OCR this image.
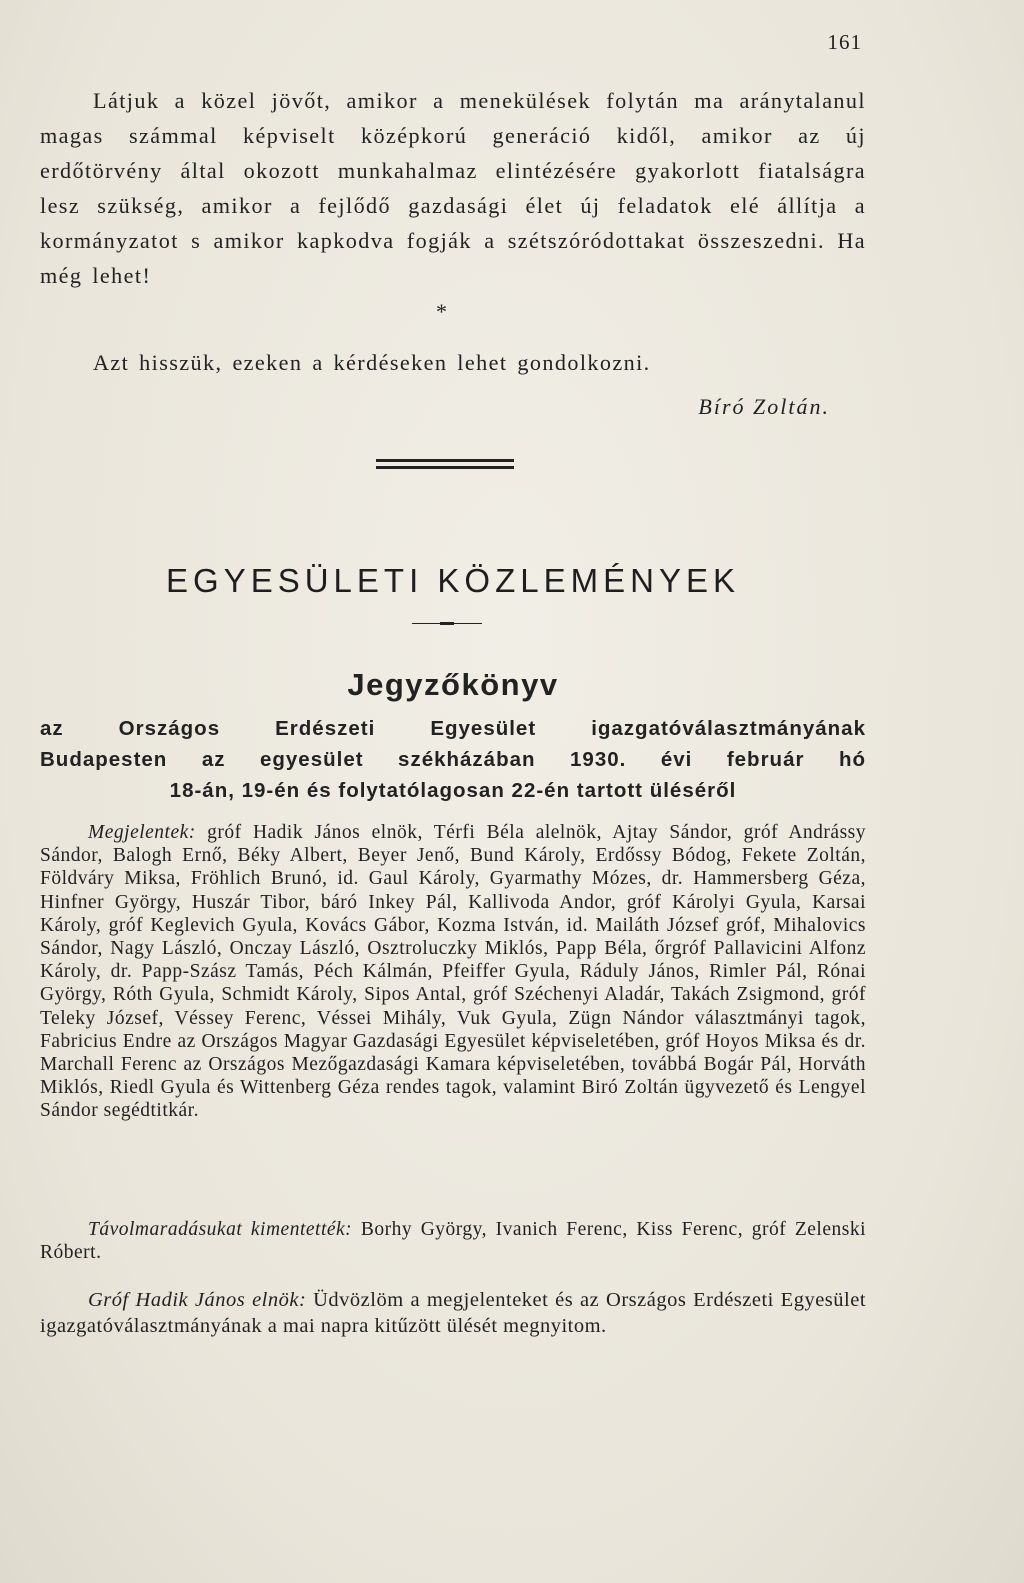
161

Látjuk a közel jövőt, amikor a menekülések folytán ma aránytalanul magas számmal képviselt középkorú generáció kidől, amikor az új erdőtörvény által okozott munkahalmaz elintézésére gyakorlott fiatalságra lesz szükség, amikor a fejlődő gazdasági élet új feladatok elé állítja a kormányzatot s amikor kapkodva fogják a szétszóródottakat összeszedni. Ha még lehet!

*
Azt hisszük, ezeken a kérdéseken lehet gondolkozni.
Bíró Zoltán.
EGYESÜLETI KÖZLEMÉNYEK
Jegyzőkönyv
az Országos Erdészeti Egyesület igazgatóválasztmányának
Budapesten az egyesület székházában 1930. évi február hó
18-án, 19-én és folytatólagosan 22-én tartott üléséről

Megjelentek: gróf Hadik János elnök, Térfi Béla alelnök, Ajtay Sándor, gróf Andrássy Sándor, Balogh Ernő, Béky Albert, Beyer Jenő, Bund Károly, Erdőssy Bódog, Fekete Zoltán, Földváry Miksa, Fröhlich Brunó, id. Gaul Károly, Gyarmathy Mózes, dr. Hammersberg Géza, Hinfner György, Huszár Tibor, báró Inkey Pál, Kallivoda Andor, gróf Károlyi Gyula, Karsai Károly, gróf Keglevich Gyula, Kovács Gábor, Kozma István, id. Mailáth József gróf, Mihalovics Sándor, Nagy László, Onczay László, Osztroluczky Miklós, Papp Béla, őrgróf Pallavicini Alfonz Károly, dr. Papp-Szász Tamás, Péch Kálmán, Pfeiffer Gyula, Ráduly János, Rimler Pál, Rónai György, Róth Gyula, Schmidt Károly, Sipos Antal, gróf Széchenyi Aladár, Takách Zsigmond, gróf Teleky József, Véssey Ferenc, Véssei Mihály, Vuk Gyula, Zügn Nándor választmányi tagok, Fabricius Endre az Országos Magyar Gazdasági Egyesület képviseletében, gróf Hoyos Miksa és dr. Marchall Ferenc az Országos Mezőgazdasági Kamara képviseletében, továbbá Bogár Pál, Horváth Miklós, Riedl Gyula és Wittenberg Géza rendes tagok, valamint Biró Zoltán ügyvezető és Lengyel Sándor segédtitkár.

Távolmaradásukat kimentették: Borhy György, Ivanich Ferenc, Kiss Ferenc, gróf Zelenski Róbert.

Gróf Hadik János elnök: Üdvözlöm a megjelenteket és az Országos Erdészeti Egyesület igazgatóválasztmányának a mai napra kitűzött ülését megnyitom.
